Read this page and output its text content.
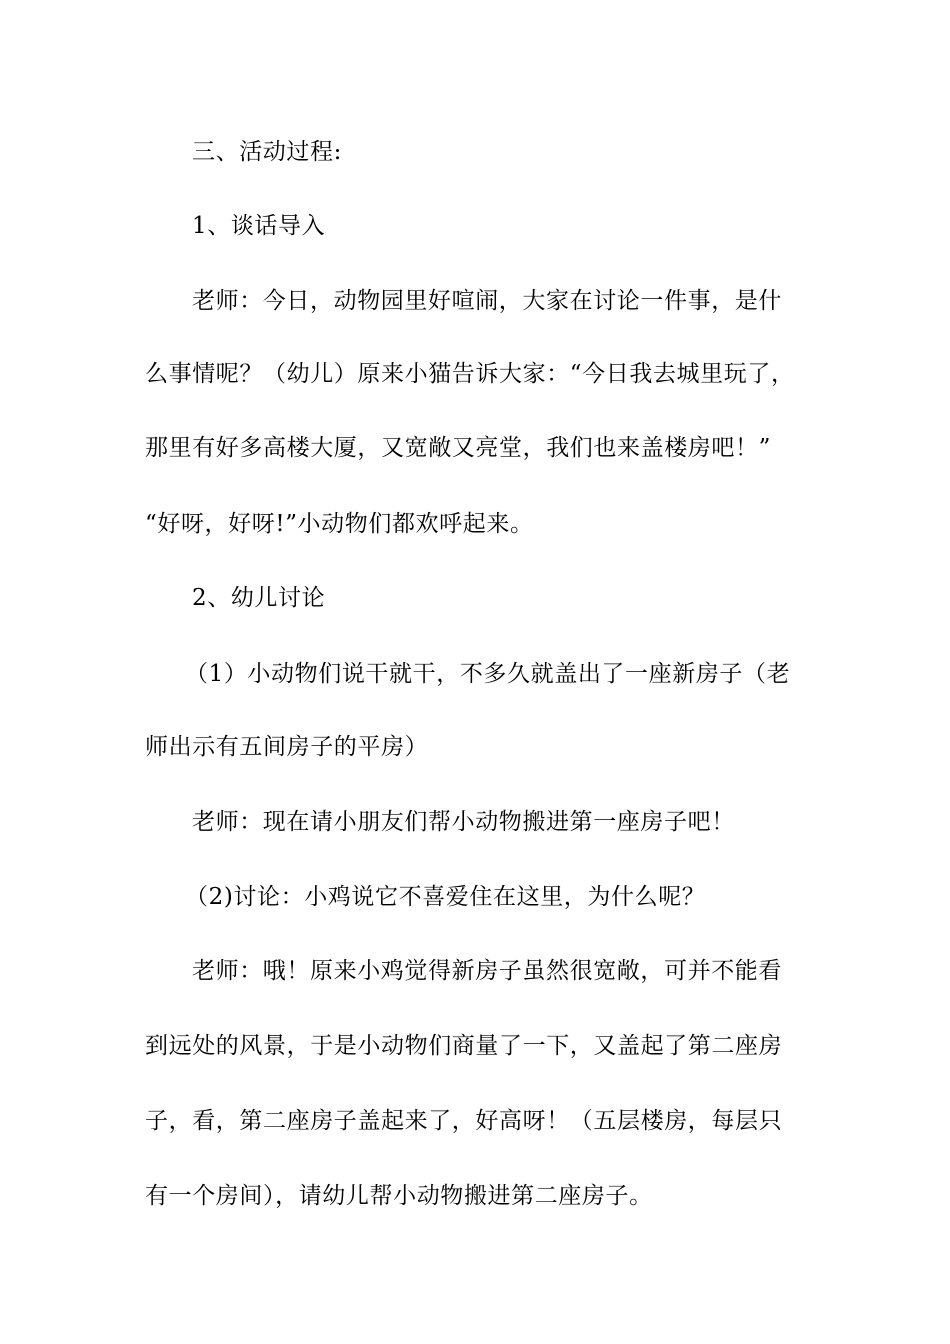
三、活动过程:
1、谈话导入
老师：今日，动物园里好喧闹，大家在讨论一件事，是什
么事情呢？（幼儿）原来小猫告诉大家：“今日我去城里玩了，
那里有好多高楼大厦，又宽敞又亮堂，我们也来盖楼房吧！”
“好呀，好呀!”小动物们都欢呼起来。
2、幼儿讨论
（1）小动物们说干就干，不多久就盖出了一座新房子（老
师出示有五间房子的平房）
老师：现在请小朋友们帮小动物搬进第一座房子吧！
（2)讨论：小鸡说它不喜爱住在这里，为什么呢？
老师：哦！原来小鸡觉得新房子虽然很宽敞，可并不能看
到远处的风景，于是小动物们商量了一下，又盖起了第二座房
子，看，第二座房子盖起来了，好高呀！（五层楼房，每层只
有一个房间），请幼儿帮小动物搬进第二座房子。
